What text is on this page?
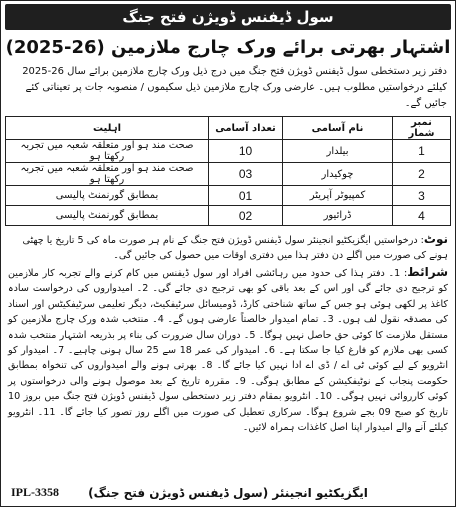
سول ڈیفنس ڈویژن فتح جنگ
اشتہار بھرتی برائے ورک چارج ملازمین (26-2025)
دفتر زیر دستخطی سول ڈیفنس ڈویژن فتح جنگ میں درج ذیل ورک چارج ملازمین برائے سال 26-2025 کیلئے درخواستیں مطلوب ہیں۔ عارضی ورک چارج ملازمین ذیل سکیموں / منصوبہ جات پر تعیناتی کئے جائیں گے۔
نمبر شمار	نام آسامی	تعداد آسامی	اہلیت
1	بیلدار	10	صحت مند ہو اور متعلقہ شعبہ میں تجربہ رکھتا ہو
2	چوکیدار	03	صحت مند ہو اور متعلقہ شعبہ میں تجربہ رکھتا ہو
3	کمپیوٹر آپریٹر	01	بمطابق گورنمنٹ پالیسی
4	ڈرائیور	02	بمطابق گورنمنٹ پالیسی
نوٹ: درخواستیں ایگزیکٹیو انجینئر سول ڈیفنس ڈویژن فتح جنگ کے نام ہر صورت ماہ کی 5 تاریخ یا چھٹی ہونے کی صورت میں اگلے دن دفتر ہذا میں دفتری اوقات میں حصول کی جائیں گی۔
شرائط: 1۔ دفتر ہذا کی حدود میں رہائشی افراد اور سول ڈیفنس میں کام کرنے والے تجربہ کار ملازمین کو ترجیح دی جائے گی اور اس کے بعد باقی کو بھی ترجیح دی جائے گی۔ 2۔ امیدواروں کی درخواست سادہ کاغذ پر لکھی ہوئی ہو جس کے ساتھ شناختی کارڈ، ڈومیسائل سرٹیفکیٹ، دیگر تعلیمی سرٹیفکیٹس اور اسناد کی مصدقہ نقول لف ہوں۔ 3۔ تمام امیدوار خالصتاً عارضی ہوں گے۔ 4۔ منتخب شدہ ورک چارج ملازمین کو مستقل ملازمت کا کوئی حق حاصل نہیں ہوگا۔ 5۔ دوران سال ضرورت کی بناء پر بذریعہ اشتہار منتخب شدہ کسی بھی ملازم کو فارغ کیا جا سکتا ہے۔ 6۔ امیدوار کی عمر 18 سے 25 سال ہونی چاہیے۔ 7۔ امیدوار کو انٹرویو کے لیے کوئی ٹی اے / ڈی اے ادا نہیں کیا جائے گا۔ 8۔ بھرتی ہونے والے امیدواروں کی تنخواہ بمطابق حکومت پنجاب کے نوٹیفکیشن کے مطابق ہوگی۔ 9۔ مقررہ تاریخ کے بعد موصول ہونے والی درخواستوں پر کوئی کارروائی نہیں ہوگی۔ 10۔ انٹرویو بمقام دفتر زیر دستخطی سول ڈیفنس ڈویژن فتح جنگ میں بروز 10 تاریخ کو صبح 09 بجے شروع ہوگا۔ سرکاری تعطیل کی صورت میں اگلے روز تصور کیا جائے گا۔ 11۔ انٹرویو کیلئے آنے والے امیدوار اپنا اصل کاغذات ہمراہ لائیں۔
ایگزیکٹیو انجینئر (سول ڈیفنس ڈویژن فتح جنگ)
IPL-3358
